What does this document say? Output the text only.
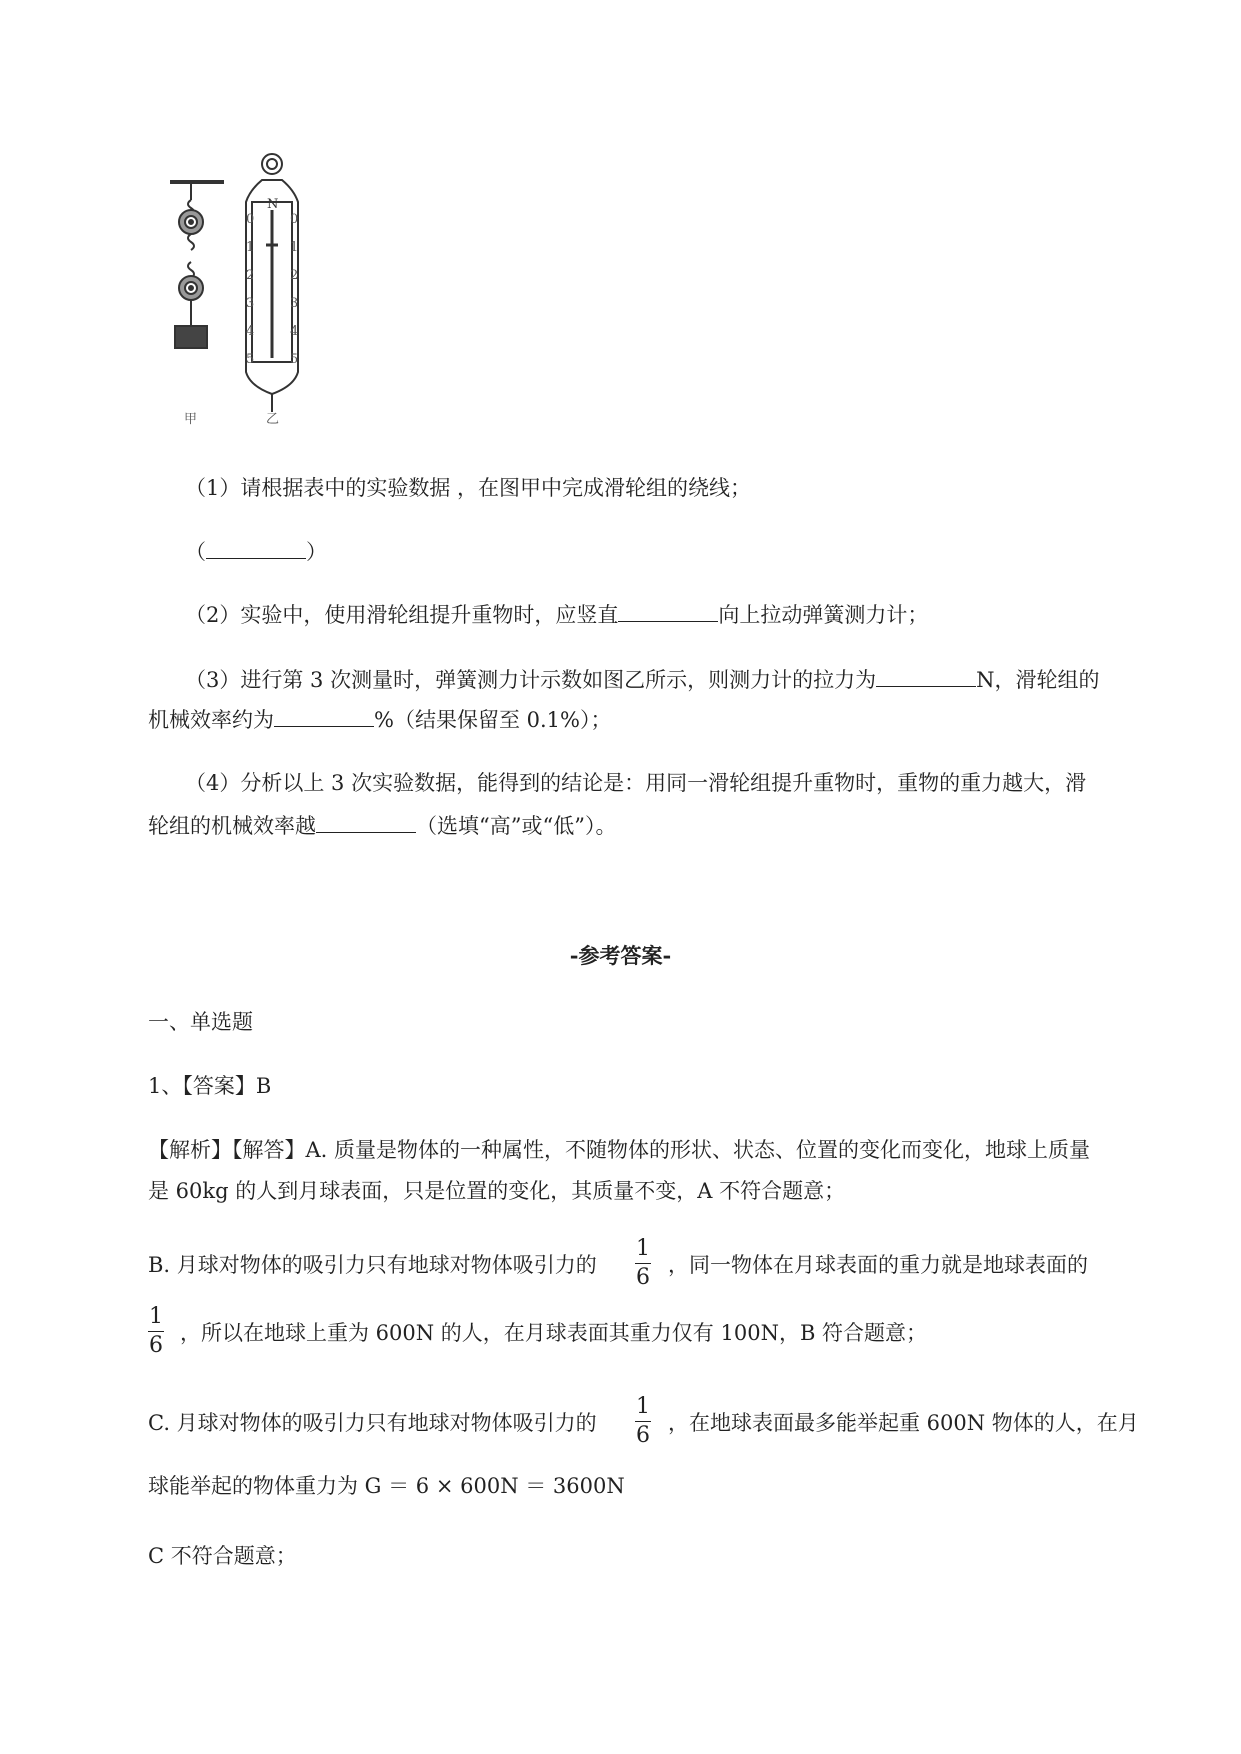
N
0
1
2
3
4
5
0
1
2
3
4
5
甲	乙
（1）请根据表中的实验数据 ，在图甲中完成滑轮组的绕线；
（	）
（2）实验中，使用滑轮组提升重物时，应竖直	向上拉动弹簧测力计；
（3）进行第 3 次测量时，弹簧测力计示数如图乙所示，则测力计的拉力为	N，滑轮组的
机械效率约为	%（结果保留至 0.1%）；
（4）分析以上 3 次实验数据，能得到的结论是：用同一滑轮组提升重物时，重物的重力越大，滑
轮组的机械效率越	（选填“高”或“低”）。
-参考答案-
一、单选题
1、【答案】B
【解析】【解答】A. 质量是物体的一种属性，不随物体的形状、状态、位置的变化而变化，地球上质量
是 60kg 的人到月球表面，只是位置的变化，其质量不变，A 不符合题意；
B. 月球对物体的吸引力只有地球对物体吸引力的
1
6 ，同一物体在月球表面的重力就是地球表面的
1
6 ，所以在地球上重为 600N 的人，在月球表面其重力仅有 100N，B 符合题意；
C. 月球对物体的吸引力只有地球对物体吸引力的
1
6 ，在地球表面最多能举起重 600N 物体的人，在月
球能举起的物体重力为 G ＝ 6 × 600N ＝ 3600N
C 不符合题意；
